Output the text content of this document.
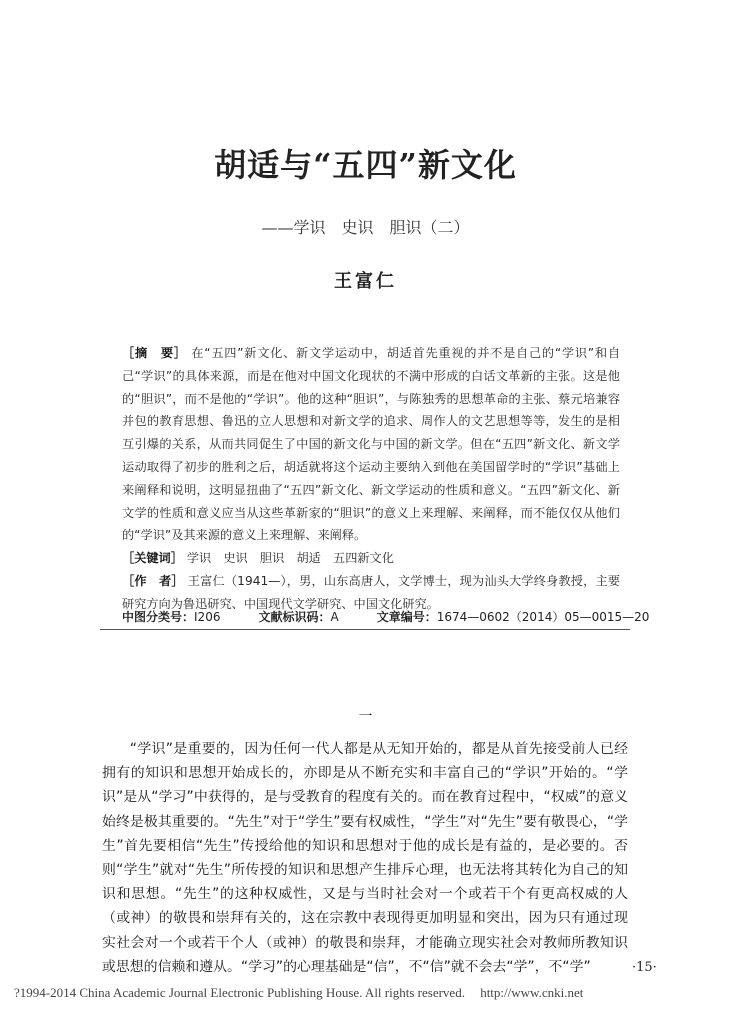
胡适与“五四”新文化
——学识　史识　胆识（二）
王富仁

［摘　要］ 在“五四”新文化、新文学运动中，胡适首先重视的并不是自己的“学识”和自己“学识”的具体来源，而是在他对中国文化现状的不满中形成的白话文革新的主张。这是他的“胆识”，而不是他的“学识”。他的这种“胆识”，与陈独秀的思想革命的主张、蔡元培兼容并包的教育思想、鲁迅的立人思想和对新文学的追求、周作人的文艺思想等等，发生的是相互引爆的关系，从而共同促生了中国的新文化与中国的新文学。但在“五四”新文化、新文学运动取得了初步的胜利之后，胡适就将这个运动主要纳入到他在美国留学时的“学识”基础上来阐释和说明，这明显扭曲了“五四”新文化、新文学运动的性质和意义。“五四”新文化、新文学的性质和意义应当从这些革新家的“胆识”的意义上来理解、来阐释，而不能仅仅从他们的“学识”及其来源的意义上来理解、来阐释。

［关键词］ 学识　史识　胆识　胡适　五四新文化

［作　者］ 王富仁（1941—），男，山东高唐人，文学博士，现为汕头大学终身教授，主要研究方向为鲁迅研究、中国现代文学研究、中国文化研究。

中图分类号：I206	文献标识码：A	文章编号：1674—0602（2014）05—0015—20
一

“学识”是重要的，因为任何一代人都是从无知开始的，都是从首先接受前人已经拥有的知识和思想开始成长的，亦即是从不断充实和丰富自己的“学识”开始的。“学识”是从“学习”中获得的，是与受教育的程度有关的。而在教育过程中，“权威”的意义始终是极其重要的。“先生”对于“学生”要有权威性，“学生”对“先生”要有敬畏心，“学生”首先要相信“先生”传授给他的知识和思想对于他的成长是有益的，是必要的。否则“学生”就对“先生”所传授的知识和思想产生排斥心理，也无法将其转化为自己的知识和思想。“先生”的这种权威性，又是与当时社会对一个或若干个有更高权威的人（或神）的敬畏和崇拜有关的，这在宗教中表现得更加明显和突出，因为只有通过现实社会对一个或若干个人（或神）的敬畏和崇拜，才能确立现实社会对教师所教知识或思想的信赖和遵从。“学习”的心理基础是“信”，不“信”就不会去“学”，不“学”	·15·
?1994-2014 China Academic Journal Electronic Publishing House. All rights reserved. http://www.cnki.net
